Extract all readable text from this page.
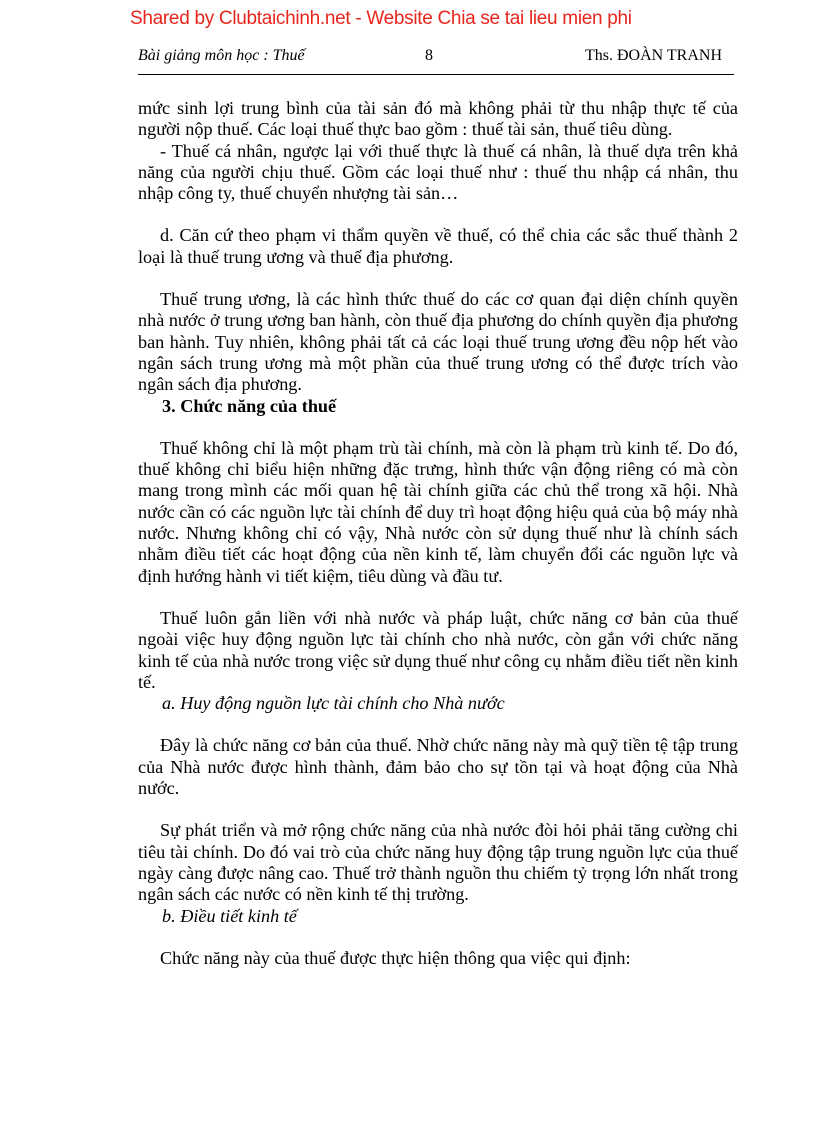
Shared by Clubtaichinh.net - Website Chia se tai lieu mien phi
Bài giảng môn học : Thuế	8	Ths. ĐOÀN TRANH

mức sinh lợi trung bình của tài sản đó mà không phải từ thu nhập thực tế của người nộp thuế. Các loại thuế thực bao gồm : thuế tài sản, thuế tiêu dùng.

- Thuế cá nhân, ngược lại với thuế thực là thuế cá nhân, là thuế dựa trên khả năng của người chịu thuế. Gồm các loại thuế như : thuế thu nhập cá nhân, thu nhập công ty, thuế chuyển nhượng tài sản…

d. Căn cứ theo phạm vi thẩm quyền về thuế, có thể chia các sắc thuế thành 2 loại là thuế trung ương và thuế địa phương.

Thuế trung ương, là các hình thức thuế do các cơ quan đại diện chính quyền nhà nước ở trung ương ban hành, còn thuế địa phương do chính quyền địa phương ban hành. Tuy nhiên, không phải tất cả các loại thuế trung ương đều nộp hết vào ngân sách trung ương mà một phần của thuế trung ương có thể được trích vào ngân sách địa phương.

3. Chức năng của thuế

Thuế không chỉ là một phạm trù tài chính, mà còn là phạm trù kinh tế. Do đó, thuế không chỉ biểu hiện những đặc trưng, hình thức vận động riêng có mà còn mang trong mình các mối quan hệ tài chính giữa các chủ thể trong xã hội. Nhà nước cần có các nguồn lực tài chính để duy trì hoạt động hiệu quả của bộ máy nhà nước. Nhưng không chỉ có vậy, Nhà nước còn sử dụng thuế như là chính sách nhằm điều tiết các hoạt động của nền kinh tế, làm chuyển đổi các nguồn lực và định hướng hành vi tiết kiệm, tiêu dùng và đầu tư.

Thuế luôn gắn liền với nhà nước và pháp luật, chức năng cơ bản của thuế ngoài việc huy động nguồn lực tài chính cho nhà nước, còn gắn với chức năng kinh tế của nhà nước trong việc sử dụng thuế như công cụ nhằm điều tiết nền kinh tế.

a. Huy động nguồn lực tài chính cho Nhà nước

Đây là chức năng cơ bản của thuế. Nhờ chức năng này mà quỹ tiền tệ tập trung của Nhà nước được hình thành, đảm bảo cho sự tồn tại và hoạt động của Nhà nước.

Sự phát triển và mở rộng chức năng của nhà nước đòi hỏi phải tăng cường chi tiêu tài chính. Do đó vai trò của chức năng huy động tập trung nguồn lực của thuế ngày càng được nâng cao. Thuế trở thành nguồn thu chiếm tỷ trọng lớn nhất trong ngân sách các nước có nền kinh tế thị trường.

b. Điều tiết kinh tế

Chức năng này của thuế được thực hiện thông qua việc qui định:
